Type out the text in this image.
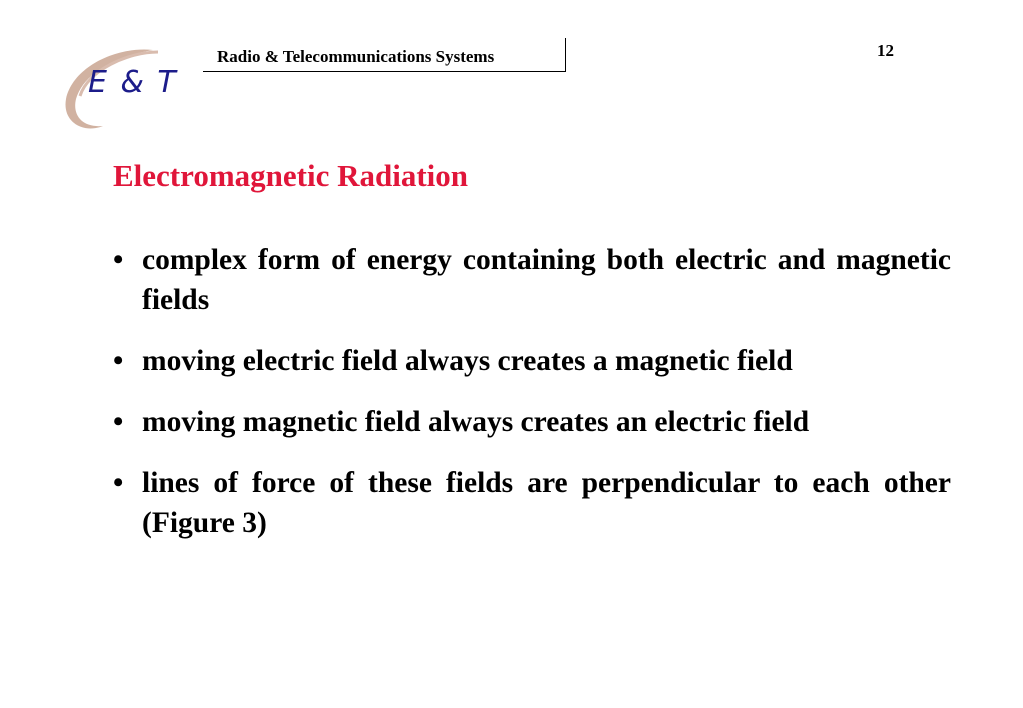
E & T
Radio & Telecommunications Systems	12
Electromagnetic Radiation
• complex form of energy containing both electric and magnetic fields
• moving electric field always creates a magnetic field
• moving magnetic field always creates an electric field
• lines of force of these fields are perpendicular to each other (Figure 3)
